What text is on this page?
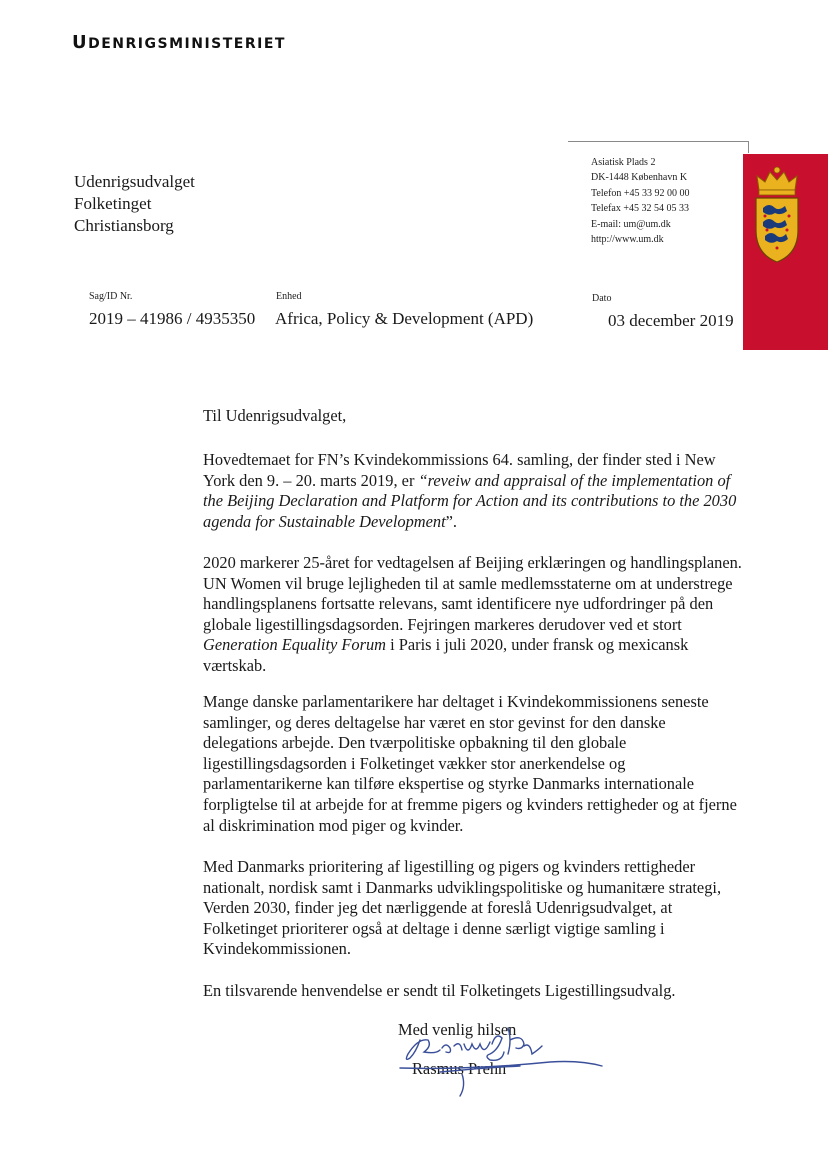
UDENRIGSMINISTERIET
Udenrigsudvalget
Folketinget
Christiansborg
Asiatisk Plads 2
DK-1448 København K
Telefon +45 33 92 00 00
Telefax +45 32 54 05 33
E-mail: um@um.dk
http://www.um.dk
Sag/ID Nr.
2019 – 41986 / 4935350
Enhed
Africa, Policy & Development (APD)
Dato
03 december 2019
Til Udenrigsudvalget,

Hovedtemaet for FN’s Kvindekommissions 64. samling, der finder sted i New York den 9. – 20. marts 2019, er “reveiw and appraisal of the implementation of the Beijing Declaration and Platform for Action and its contributions to the 2030 agenda for Sustainable Development”.

2020 markerer 25-året for vedtagelsen af Beijing erklæringen og handlingsplanen. UN Women vil bruge lejligheden til at samle medlemsstaterne om at understrege handlingsplanens fortsatte relevans, samt identificere nye udfordringer på den globale ligestillingsdagsorden. Fejringen markeres derudover ved et stort Generation Equality Forum i Paris i juli 2020, under fransk og mexicansk værtskab.

Mange danske parlamentarikere har deltaget i Kvindekommissionens seneste samlinger, og deres deltagelse har været en stor gevinst for den danske delegations arbejde. Den tværpolitiske opbakning til den globale ligestillingsdagsorden i Folketinget vækker stor anerkendelse og parlamentarikerne kan tilføre ekspertise og styrke Danmarks internationale forpligtelse til at arbejde for at fremme pigers og kvinders rettigheder og at fjerne al diskrimination mod piger og kvinder.

Med Danmarks prioritering af ligestilling og pigers og kvinders rettigheder nationalt, nordisk samt i Danmarks udviklingspolitiske og humanitære strategi, Verden 2030, finder jeg det nærliggende at foreslå Udenrigsudvalget, at Folketinget prioriterer også at deltage i denne særligt vigtige samling i Kvindekommissionen.

En tilsvarende henvendelse er sendt til Folketingets Ligestillingsudvalg.

Med venlig hilsen
Rasmus Prehn
